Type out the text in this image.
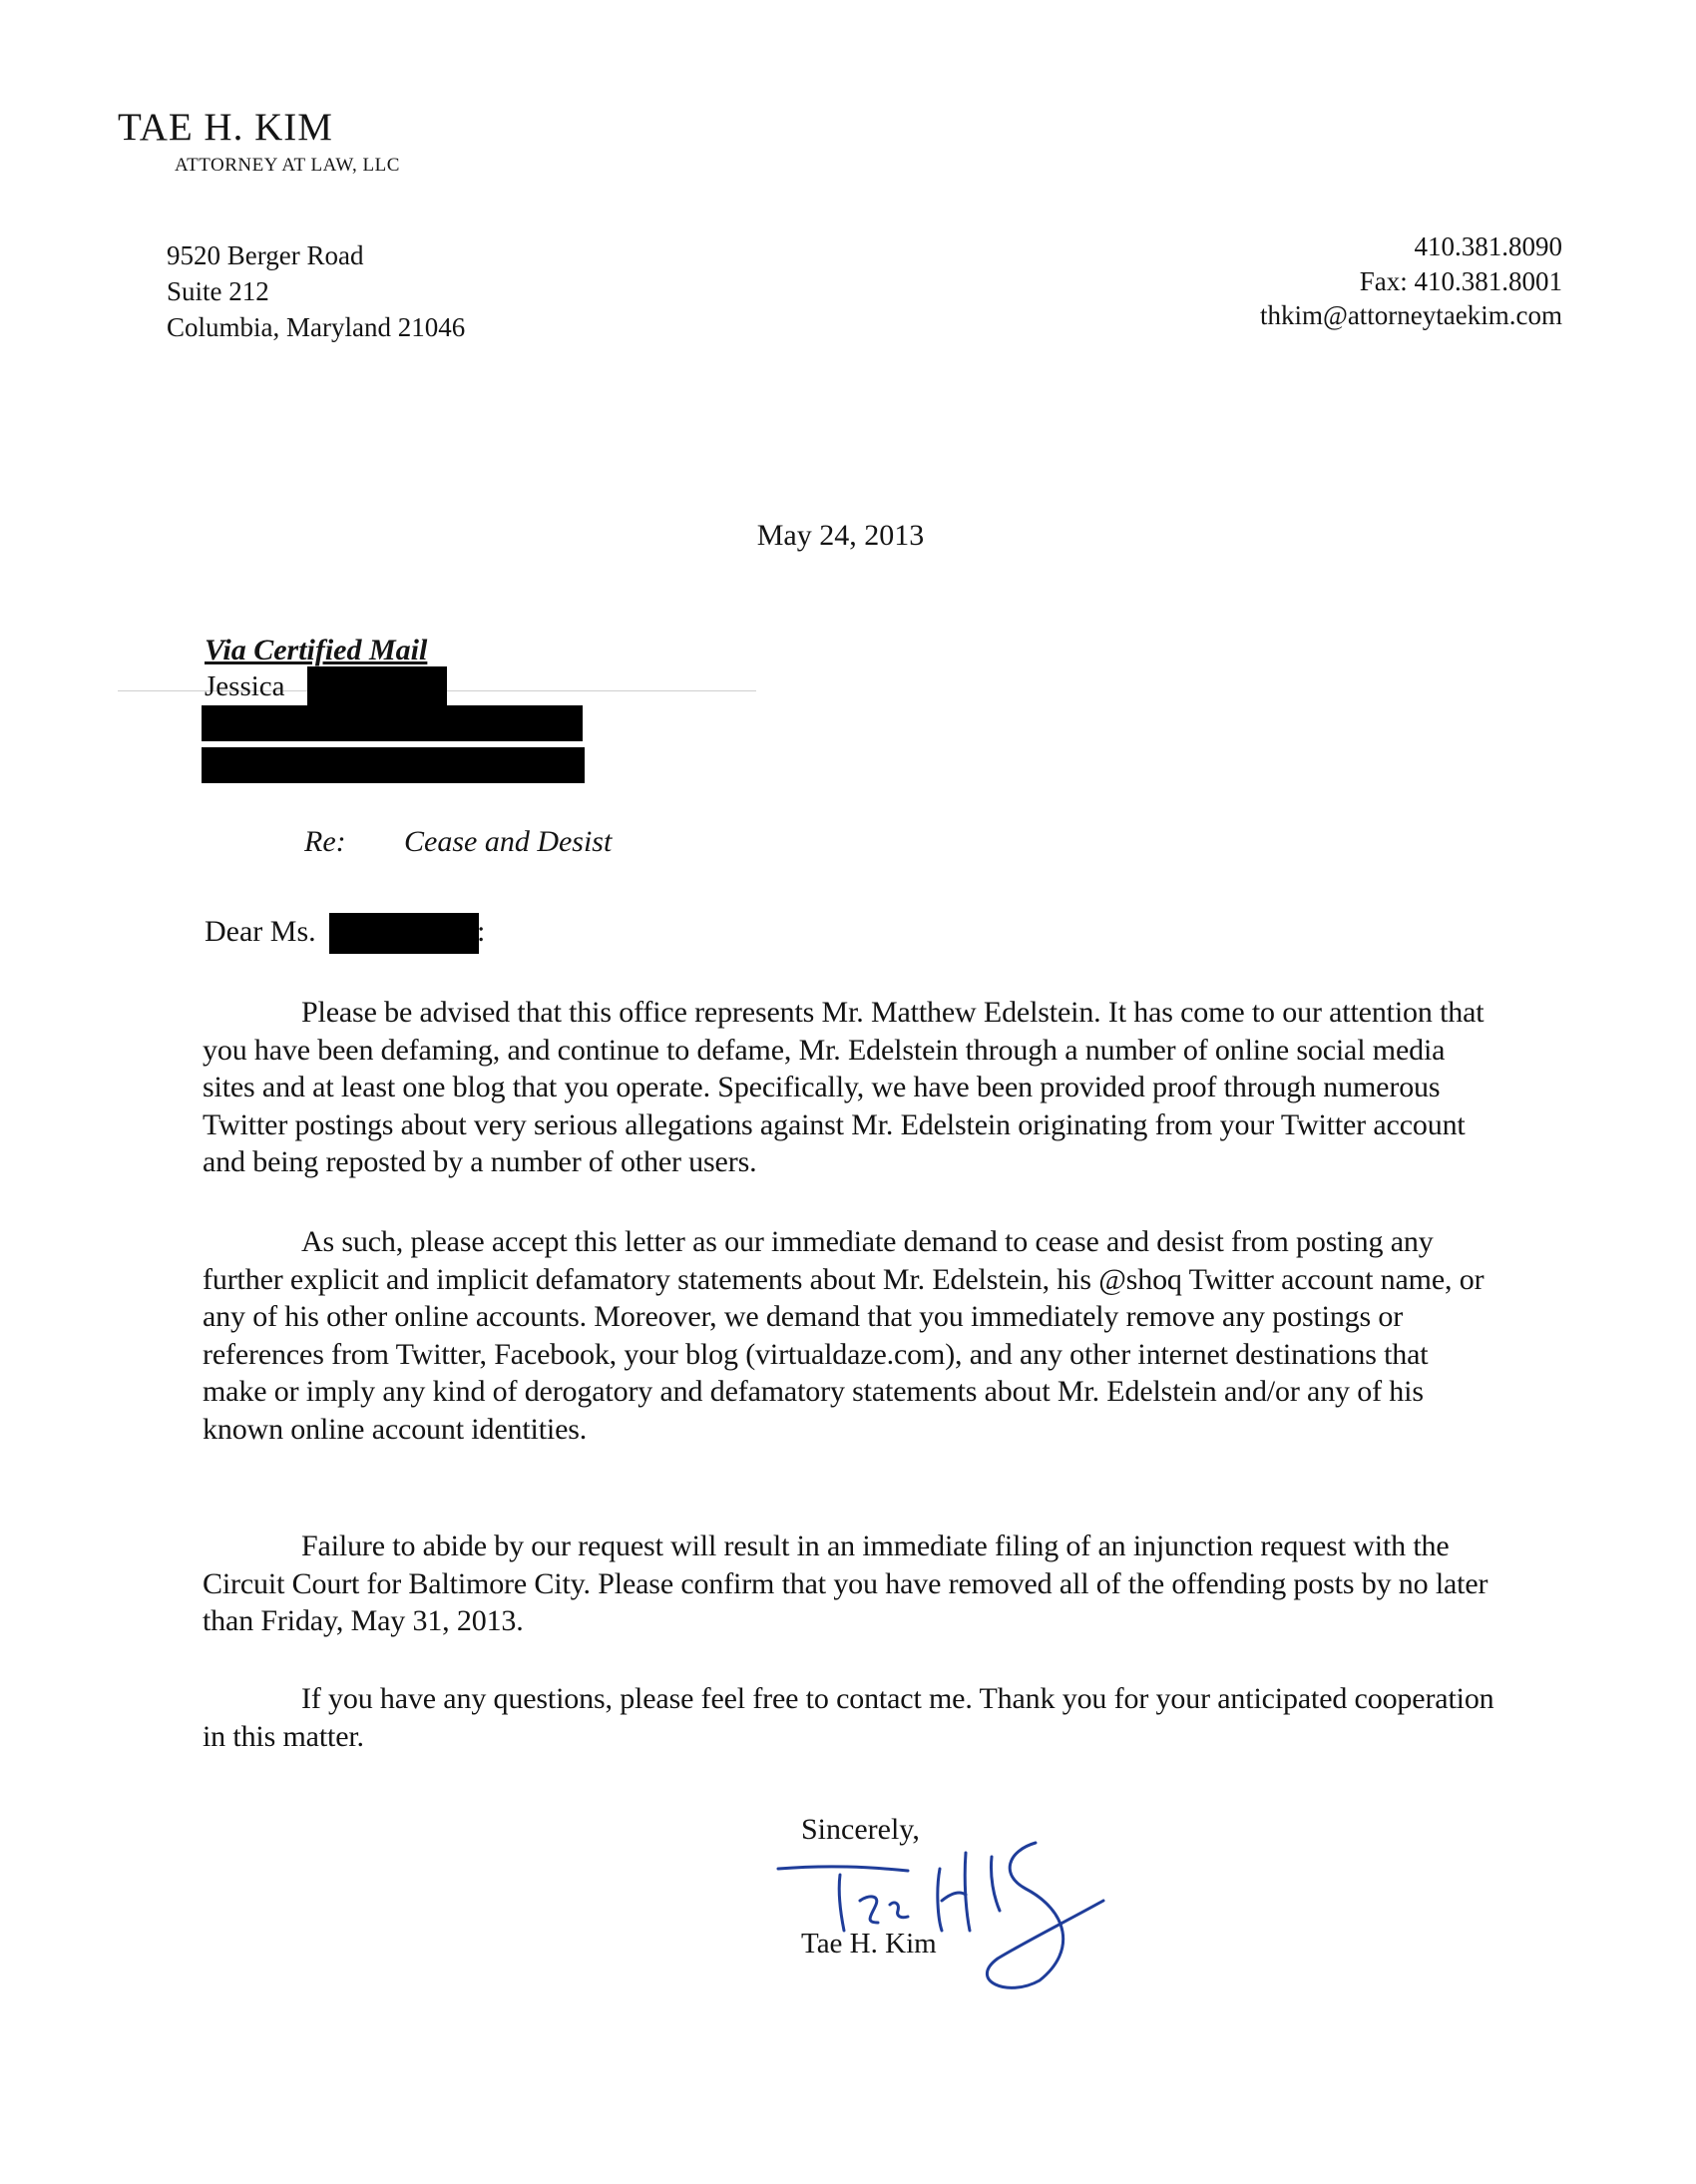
TAE H. KIM
ATTORNEY AT LAW, LLC
9520 Berger Road
Suite 212
Columbia, Maryland 21046
410.381.8090
Fax: 410.381.8001
thkim@attorneytaekim.com
May 24, 2013
Via Certified Mail
Jessica
Re: Cease and Desist
Dear Ms.	:

Please be advised that this office represents Mr. Matthew Edelstein. It has come to our attention that you have been defaming, and continue to defame, Mr. Edelstein through a number of online social media sites and at least one blog that you operate. Specifically, we have been provided proof through numerous Twitter postings about very serious allegations against Mr. Edelstein originating from your Twitter account and being reposted by a number of other users.

As such, please accept this letter as our immediate demand to cease and desist from posting any further explicit and implicit defamatory statements about Mr. Edelstein, his @shoq Twitter account name, or any of his other online accounts. Moreover, we demand that you immediately remove any postings or references from Twitter, Facebook, your blog (virtualdaze.com), and any other internet destinations that make or imply any kind of derogatory and defamatory statements about Mr. Edelstein and/or any of his known online account identities.

Failure to abide by our request will result in an immediate filing of an injunction request with the Circuit Court for Baltimore City. Please confirm that you have removed all of the offending posts by no later than Friday, May 31, 2013.

If you have any questions, please feel free to contact me. Thank you for your anticipated cooperation in this matter.

Sincerely,
Tae H. Kim
